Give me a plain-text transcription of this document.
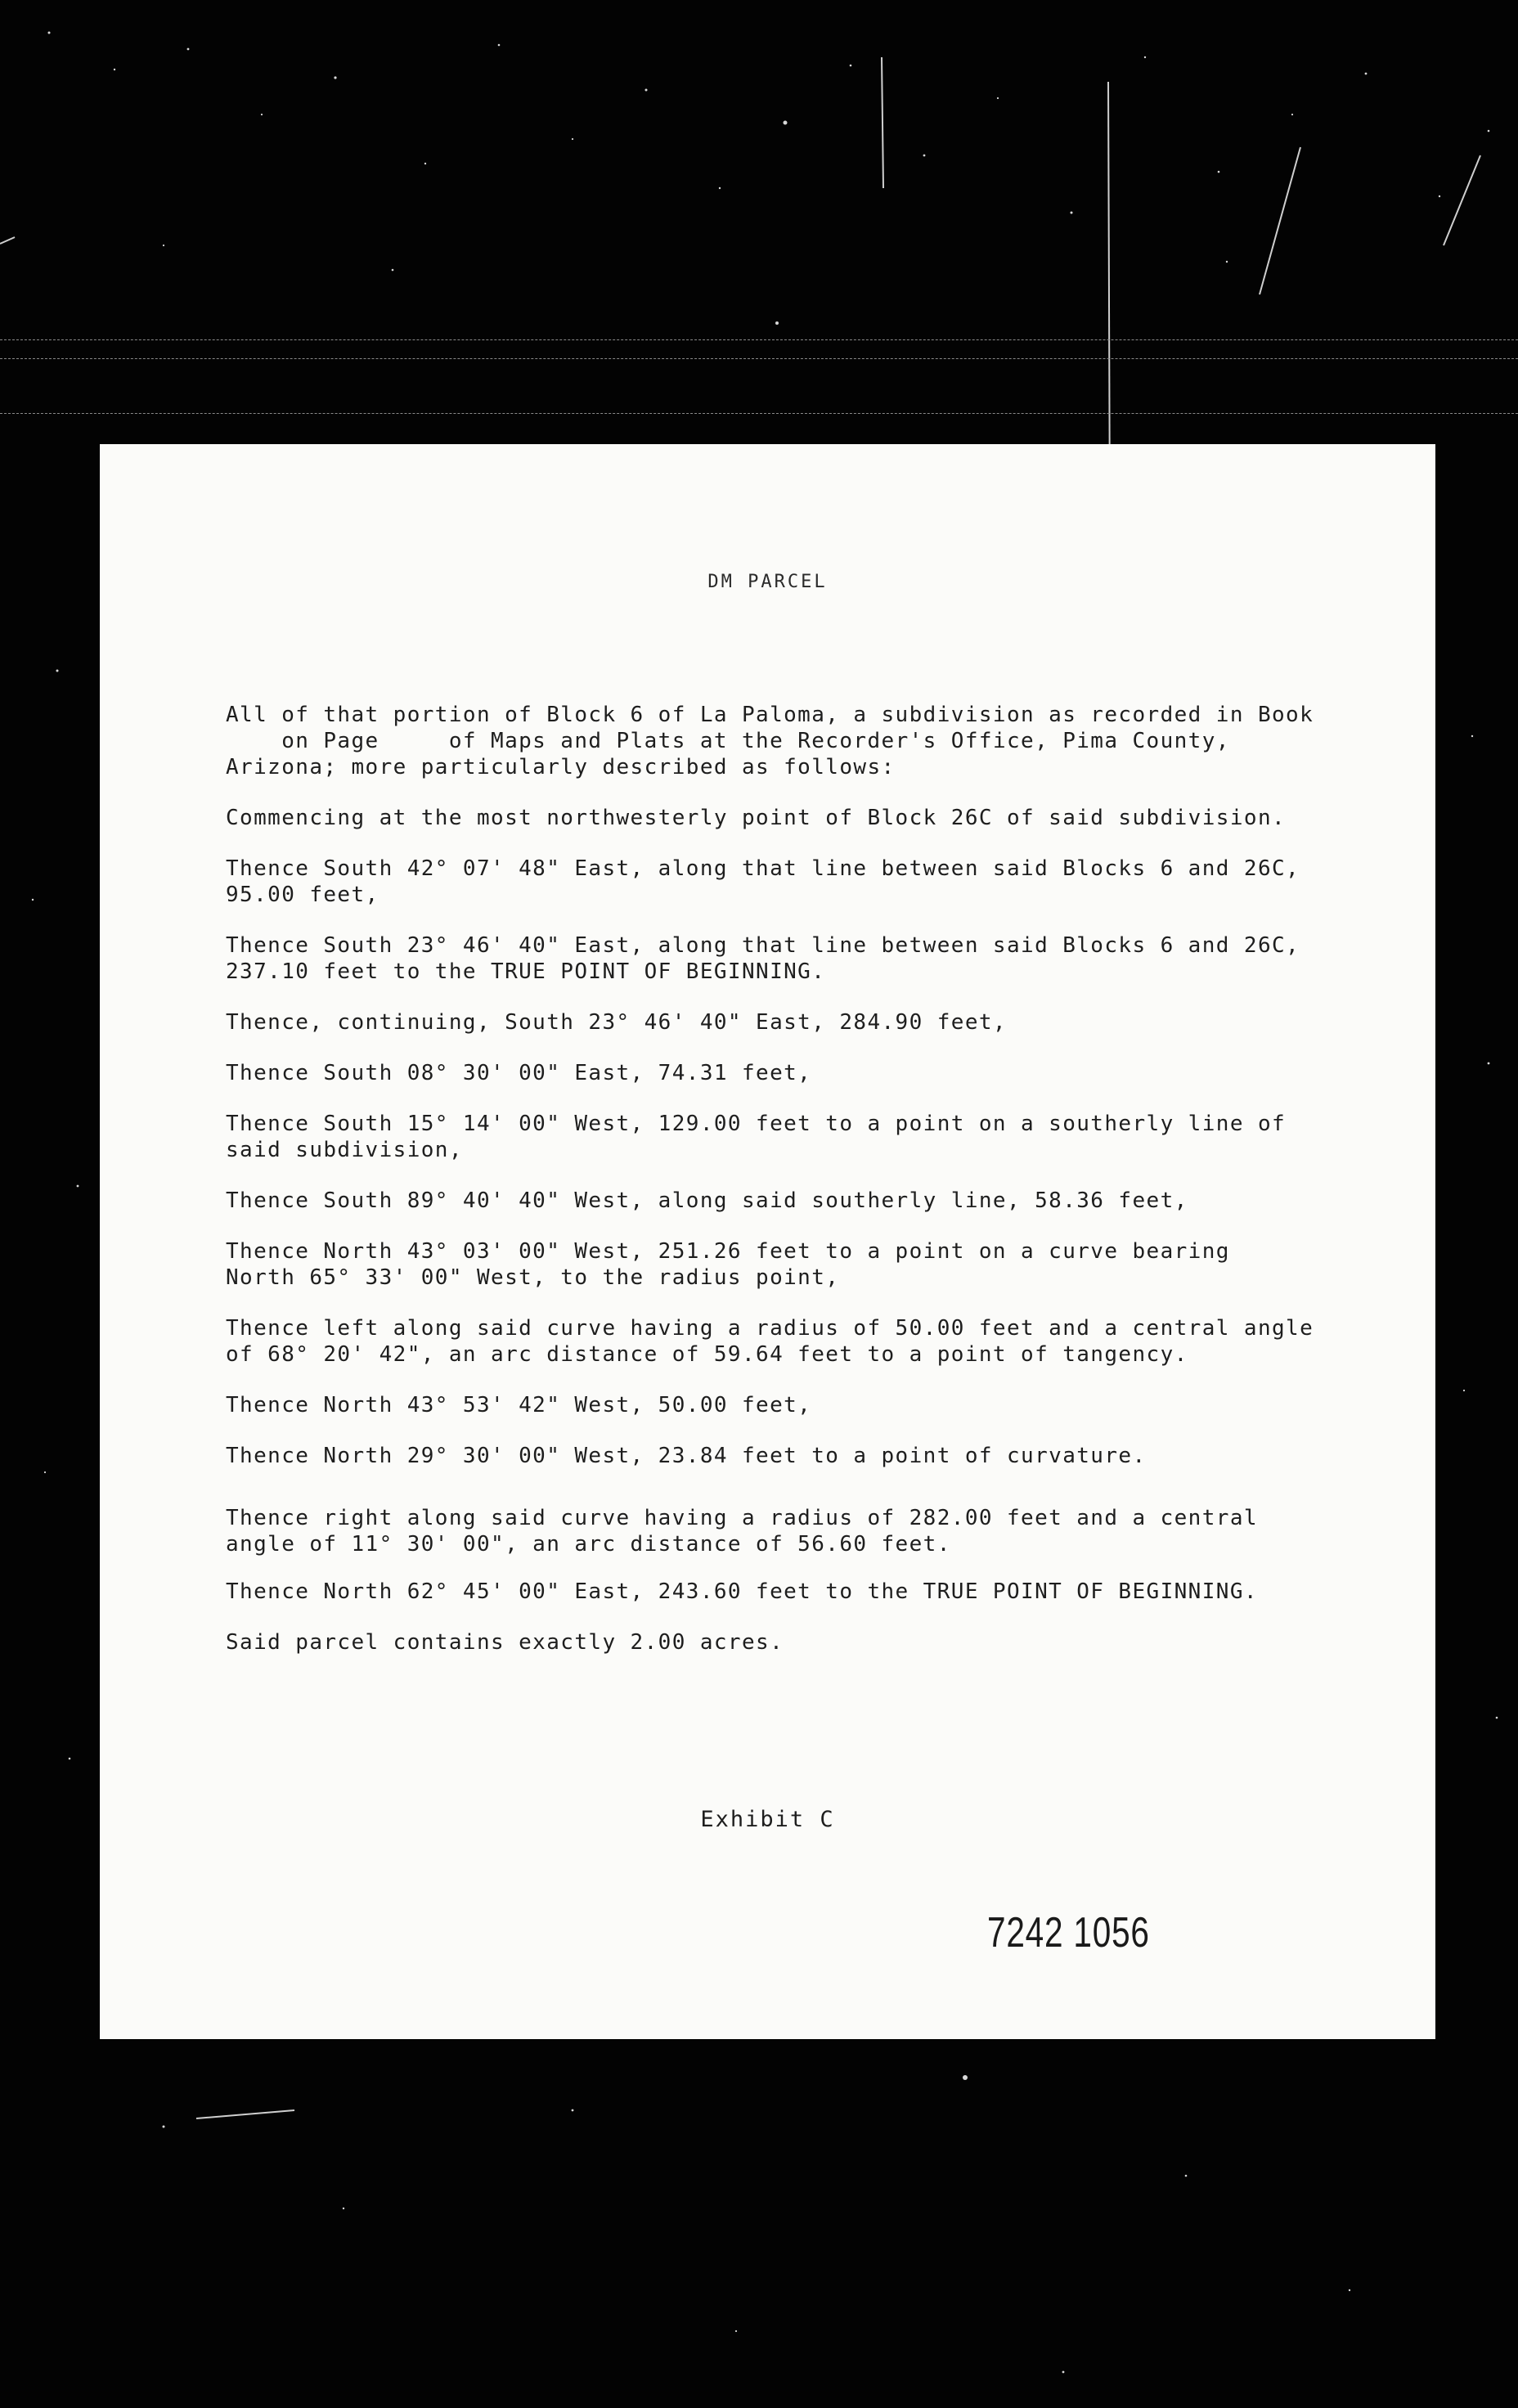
DM PARCEL

All of that portion of Block 6 of La Paloma, a subdivision as recorded in Book
on Page     of Maps and Plats at the Recorder's Office, Pima County,
Arizona; more particularly described as follows:

Commencing at the most northwesterly point of Block 26C of said subdivision.

Thence South 42° 07' 48" East, along that line between said Blocks 6 and 26C,
95.00 feet,

Thence South 23° 46' 40" East, along that line between said Blocks 6 and 26C,
237.10 feet to the TRUE POINT OF BEGINNING.

Thence, continuing, South 23° 46' 40" East, 284.90 feet,

Thence South 08° 30' 00" East, 74.31 feet,

Thence South 15° 14' 00" West, 129.00 feet to a point on a southerly line of
said subdivision,

Thence South 89° 40' 40" West, along said southerly line, 58.36 feet,

Thence North 43° 03' 00" West, 251.26 feet to a point on a curve bearing
North 65° 33' 00" West, to the radius point,

Thence left along said curve having a radius of 50.00 feet and a central angle
of 68° 20' 42", an arc distance of 59.64 feet to a point of tangency.

Thence North 43° 53' 42" West, 50.00 feet,

Thence North 29° 30' 00" West, 23.84 feet to a point of curvature.

Thence right along said curve having a radius of 282.00 feet and a central
angle of 11° 30' 00", an arc distance of 56.60 feet.

Thence North 62° 45' 00" East, 243.60 feet to the TRUE POINT OF BEGINNING.

Said parcel contains exactly 2.00 acres.

Exhibit C
7242 1056
